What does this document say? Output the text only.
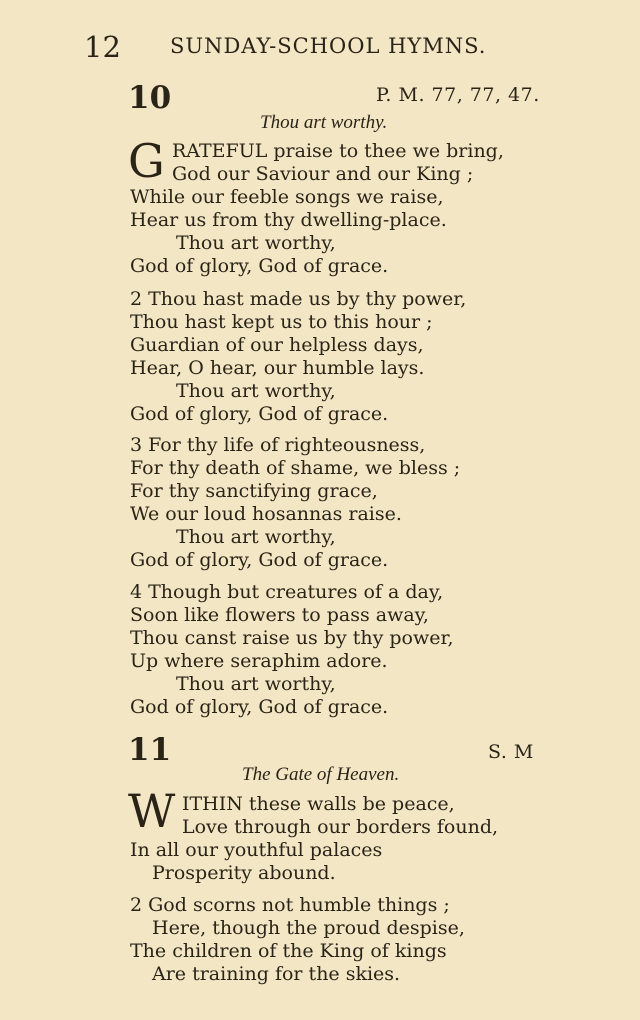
12 SUNDAY-SCHOOL HYMNS.
10	P. M. 77, 77, 47.
Thou art worthy.
G RATEFUL praise to thee we bring,
God our Saviour and our King ;
While our feeble songs we raise,
Hear us from thy dwelling-place.
Thou art worthy,
God of glory, God of grace.
2 Thou hast made us by thy power,
Thou hast kept us to this hour ;
Guardian of our helpless days,
Hear, O hear, our humble lays.
Thou art worthy,
God of glory, God of grace.
3 For thy life of righteousness,
For thy death of shame, we bless ;
For thy sanctifying grace,
We our loud hosannas raise.
Thou art worthy,
God of glory, God of grace.
4 Though but creatures of a day,
Soon like flowers to pass away,
Thou canst raise us by thy power,
Up where seraphim adore.
Thou art worthy,
God of glory, God of grace.
11	S. M
The Gate of Heaven.
W ITHIN these walls be peace,
Love through our borders found,
In all our youthful palaces
Prosperity abound.
2 God scorns not humble things ;
Here, though the proud despise,
The children of the King of kings
Are training for the skies.
